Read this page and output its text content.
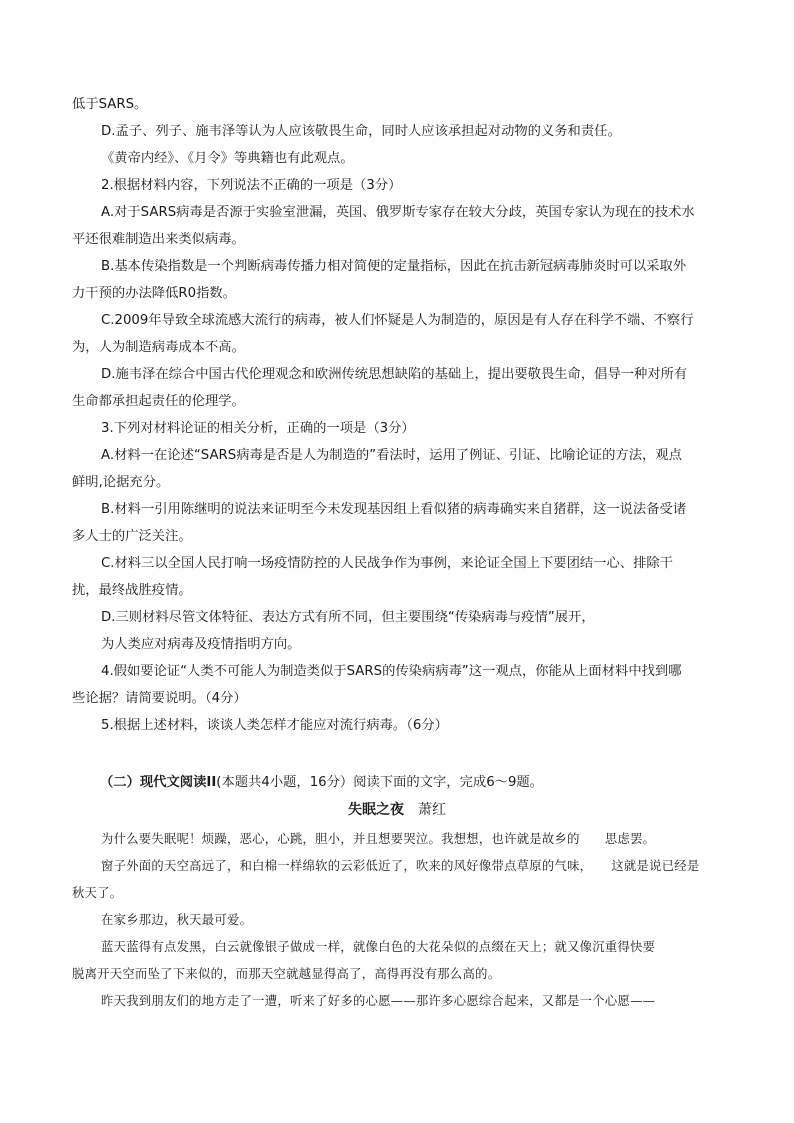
低于SARS。

D.孟子、列子、施韦泽等认为人应该敬畏生命，同时人应该承担起对动物的义务和责任。

《黄帝内经》、《月令》等典籍也有此观点。

2.根据材料内容，下列说法不正确的一项是（3分）

A.对于SARS病毒是否源于实验室泄漏，英国、俄罗斯专家存在较大分歧，英国专家认为现在的技术水

平还很难制造出来类似病毒。

B.基本传染指数是一个判断病毒传播力相对简便的定量指标，因此在抗击新冠病毒肺炎时可以采取外

力干预的办法降低R0指数。

C.2009年导致全球流感大流行的病毒，被人们怀疑是人为制造的，原因是有人存在科学不端、不察行

为，人为制造病毒成本不高。

D.施韦泽在综合中国古代伦理观念和欧洲传统思想缺陷的基础上，提出要敬畏生命，倡导一种对所有

生命都承担起责任的伦理学。

3.下列对材料论证的相关分析，正确的一项是（3分）

A.材料一在论述“SARS病毒是否是人为制造的”看法时，运用了例证、引证、比喻论证的方法，观点

鲜明,论据充分。

B.材料一引用陈继明的说法来证明至今未发现基因组上看似猪的病毒确实来自猪群，这一说法备受诸

多人士的广泛关注。

C.材料三以全国人民打响一场疫情防控的人民战争作为事例，来论证全国上下要团结一心、排除干

扰，最终战胜疫情。

D.三则材料尽管文体特征、表达方式有所不同，但主要围绕“传染病毒与疫情”展开，

为人类应对病毒及疫情指明方向。

4.假如要论证“人类不可能人为制造类似于SARS的传染病病毒”这一观点，你能从上面材料中找到哪

些论据？请简要说明。（4分）

5.根据上述材料，谈谈人类怎样才能应对流行病毒。（6分）

（二）现代文阅读II(本题共4小题，16分）阅读下面的文字，完成6～9题。

失眠之夜 萧红

为什么要失眠呢！烦躁，恶心，心跳，胆小，并且想要哭泣。我想想，也许就是故乡的　　思虑罢。

窗子外面的天空高远了，和白棉一样绵软的云彩低近了，吹来的风好像带点草原的气味，　　这就是说已经是

秋天了。

在家乡那边，秋天最可爱。

蓝天蓝得有点发黑，白云就像银子做成一样，就像白色的大花朵似的点缀在天上；就又像沉重得快要

脱离开天空而坠了下来似的，而那天空就越显得高了，高得再没有那么高的。

昨天我到朋友们的地方走了一遭，听来了好多的心愿——那许多心愿综合起来，又都是一个心愿——
